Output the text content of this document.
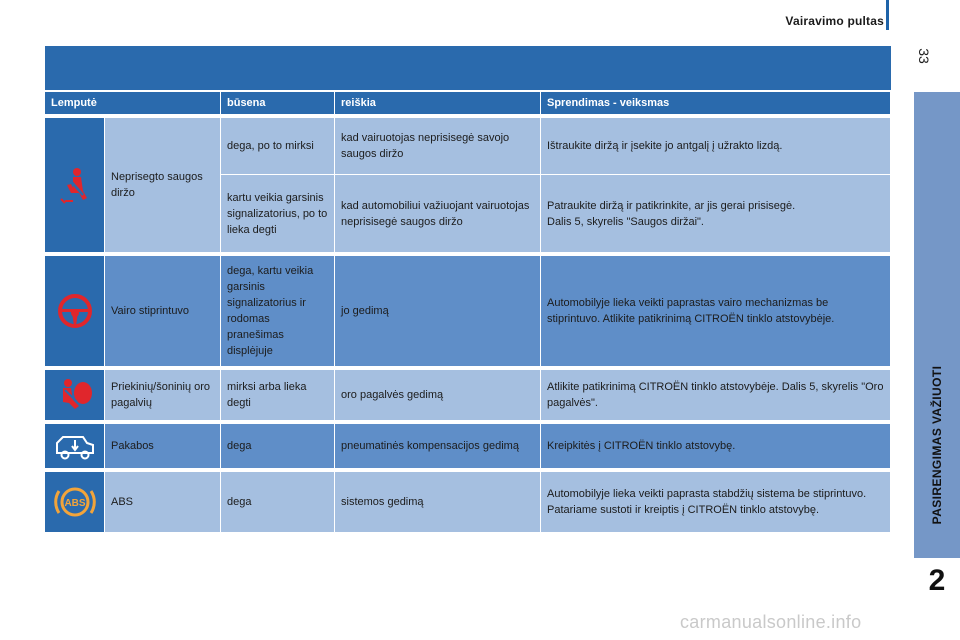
Vairavimo pultas
33
PASIRENGIMAS VAŽIUOTI
2
Lemputė		būsena	reiškia	Sprendimas - veiksmas

	Neprisegto saugos diržo	dega, po to mirksi	kad vairuotojas neprisisegė savojo saugos diržo	Ištraukite diržą ir įsekite jo antgalį į užrakto lizdą.
		kartu veikia garsinis signalizatorius, po to lieka degti	kad automobiliui važiuojant vairuotojas neprisisegė saugos diržo	Patraukite diržą ir patikrinkite, ar jis gerai prisisegė.
Dalis 5, skyrelis "Saugos diržai".

	Vairo stiprintuvo	dega, kartu veikia garsinis signalizatorius ir rodomas pranešimas displėjuje	jo gedimą	Automobilyje lieka veikti paprastas vairo mechanizmas be stiprintuvo. Atlikite patikrinimą CITROËN tinklo atstovybėje.

	Priekinių/šoninių oro pagalvių	mirksi arba lieka degti	oro pagalvės gedimą	Atlikite patikrinimą CITROËN tinklo atstovybėje. Dalis 5, skyrelis "Oro pagalvės".

	Pakabos	dega	pneumatinės kompensacijos gedimą	Kreipkitės į CITROËN tinklo atstovybę.

ABS	ABS	dega	sistemos gedimą	Automobilyje lieka veikti paprasta stabdžių sistema be stiprintuvo. Patariame sustoti ir kreiptis į CITROËN tinklo atstovybę.
carmanualsonline.info
